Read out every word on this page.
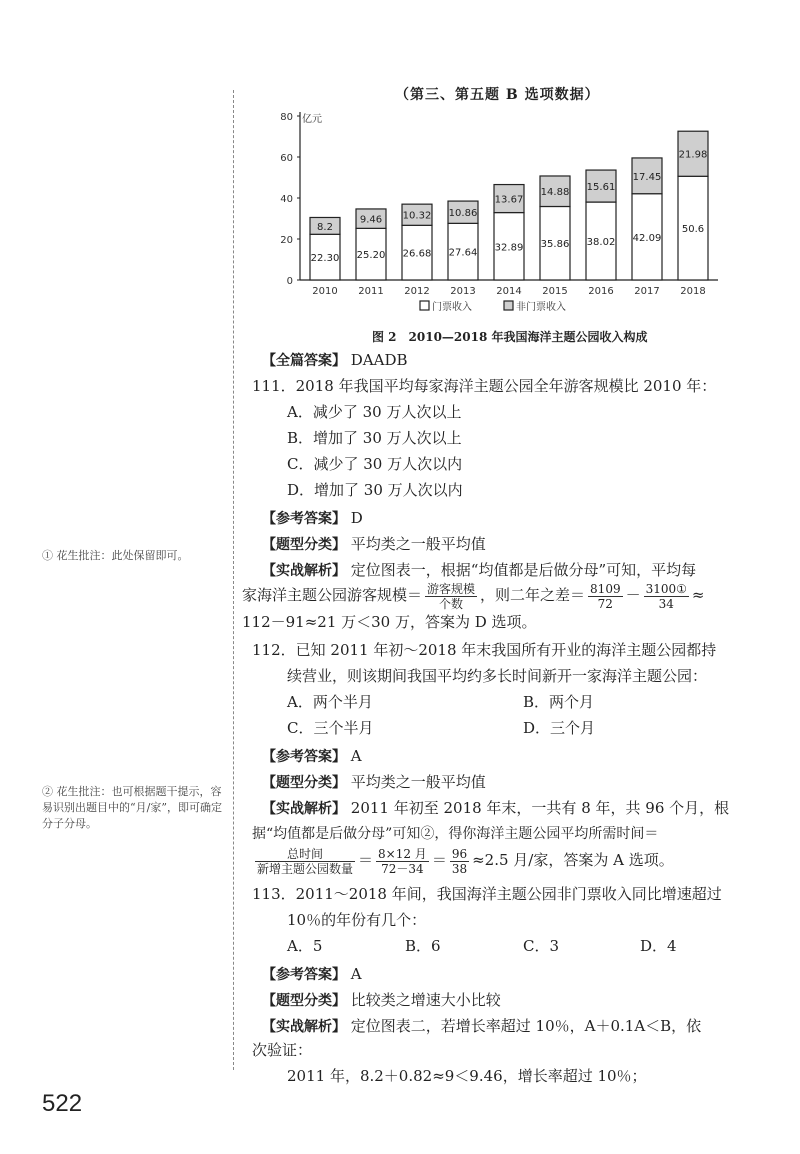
（第三、第五题 B 选项数据）
0
20
40
60
80
22.30
8.2
2010
25.20
9.46
2011
26.68
10.32
2012
27.64
10.86
2013
32.89
13.67
2014
35.86
14.88
2015
38.02
15.61
2016
42.09
17.45
2017
50.6
21.98
2018
门票收入	非门票收入
亿元
图 2　2010—2018 年我国海洋主题公园收入构成
【全篇答案】 DAADB
111．2018 年我国平均每家海洋主题公园全年游客规模比 2010 年：
A．减少了 30 万人次以上
B．增加了 30 万人次以上
C．减少了 30 万人次以内
D．增加了 30 万人次以内
【参考答案】 D
【题型分类】 平均类之一般平均值
【实战解析】 定位图表一，根据“均值都是后做分母”可知，平均每
家海洋主题公园游客规模＝ $\frac{\text{游客规模}}{\text{个数}}$ ，则二年之差＝ $\frac{8109}{72} - \frac{\text{3100①}}{34}$ ≈
112－91≈21 万＜30 万，答案为 D 选项。
① 花生批注：此处保留即可。
112．已知 2011 年初～2018 年末我国所有开业的海洋主题公园都持
续营业，则该期间我国平均约多长时间新开一家海洋主题公园：
A．两个半月	B．两个月
C．三个半月	D．三个月
【参考答案】 A
【题型分类】 平均类之一般平均值
【实战解析】 2011 年初至 2018 年末，一共有 8 年，共 96 个月，根
据“均值都是后做分母”可知②，得你海洋主题公园平均所需时间＝
$\frac{\text{总时间}}{\text{新增主题公园数量}} = \frac{\text{8×12 月}}{72-34} = \frac{96}{38} \approx 2.5$ 月/家，答案为 A 选项。
② 花生批注：也可根据题干提示，容易识别出题目中的“月/家”，即可确定分子分母。
113．2011～2018 年间，我国海洋主题公园非门票收入同比增速超过
10％的年份有几个：
A．5	B．6	C．3	D．4
【参考答案】 A
【题型分类】 比较类之增速大小比较
【实战解析】 定位图表二，若增长率超过 10％，A＋0.1A＜B，依
次验证：
2011 年，8.2＋0.82≈9＜9.46，增长率超过 10％；
522
